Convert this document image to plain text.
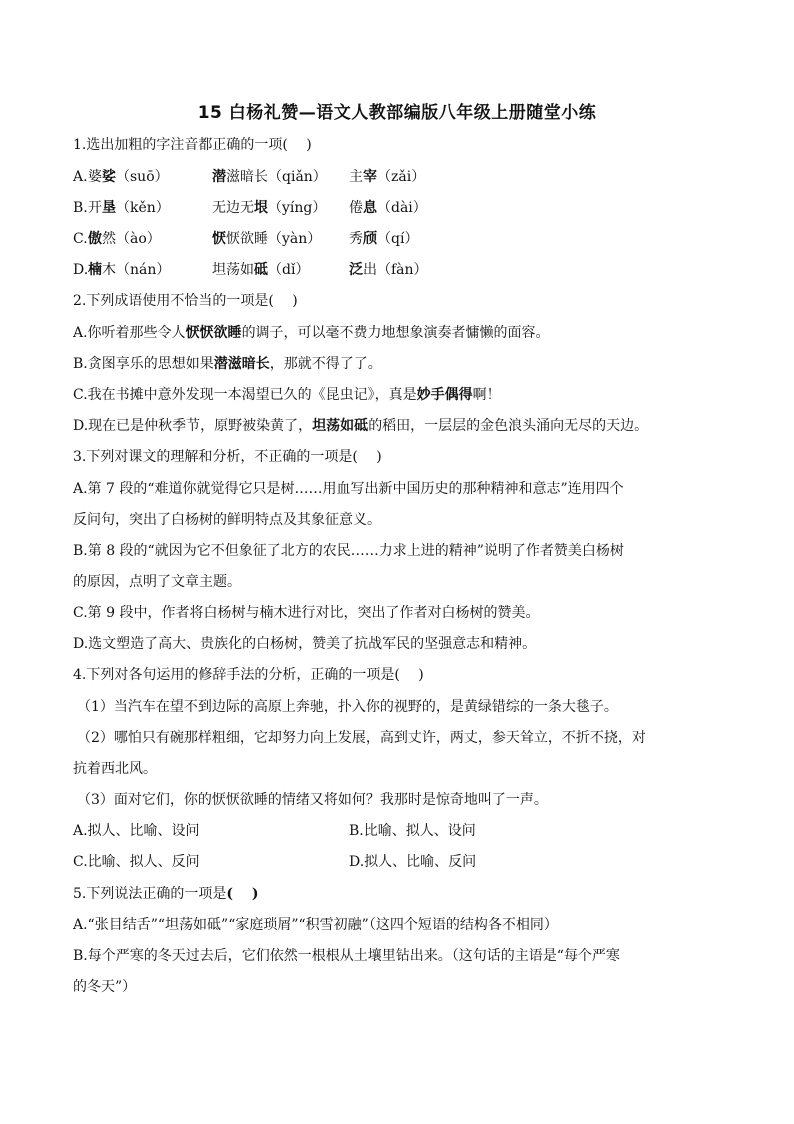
15 白杨礼赞—语文人教部编版八年级上册随堂小练
1.选出加粗的字注音都正确的一项(　 )
A. 婆娑（suō）	潜滋暗长（qiǎn） 主宰（zǎi）
B. 开垦（kěn）	无边无垠（yíng） 倦息（dài）
C. 傲然（ào）	恹恹欲睡（yàn） 秀颀（qí）
D. 楠木（nán）	坦荡如砥（dǐ）	泛出（fàn）
2.下列成语使用不恰当的一项是(　 )
A.你听着那些令人恹恹欲睡的调子，可以毫不费力地想象演奏者慵懒的面容。
B.贪图享乐的思想如果潜滋暗长，那就不得了了。
C.我在书摊中意外发现一本渴望已久的《昆虫记》，真是妙手偶得啊！
D.现在已是仲秋季节，原野被染黄了，坦荡如砥的稻田，一层层的金色浪头涌向无尽的天边。
3.下列对课文的理解和分析，不正确的一项是(　 )
A.第 7 段的“难道你就觉得它只是树……用血写出新中国历史的那种精神和意志”连用四个
反问句，突出了白杨树的鲜明特点及其象征意义。
B.第 8 段的“就因为它不但象征了北方的农民……力求上进的精神”说明了作者赞美白杨树
的原因，点明了文章主题。
C.第 9 段中，作者将白杨树与楠木进行对比，突出了作者对白杨树的赞美。
D.选文塑造了高大、贵族化的白杨树，赞美了抗战军民的坚强意志和精神。
4.下列对各句运用的修辞手法的分析，正确的一项是(　 )
（1）当汽车在望不到边际的高原上奔驰，扑入你的视野的，是黄绿错综的一条大毯子。
（2）哪怕只有碗那样粗细，它却努力向上发展，高到丈许，两丈，参天耸立，不折不挠，对
抗着西北风。
（3）面对它们，你的恹恹欲睡的情绪又将如何？我那时是惊奇地叫了一声。
A.拟人、比喻、设问	B.比喻、拟人、设问
C.比喻、拟人、反问	D.拟人、比喻、反问
5.下列说法正确的一项是(　 )
A.“张目结舌”“坦荡如砥”“家庭琐屑”“积雪初融”（这四个短语的结构各不相同）
B.每个严寒的冬天过去后，它们依然一根根从土壤里钻出来。（这句话的主语是“每个严寒
的冬天”）
